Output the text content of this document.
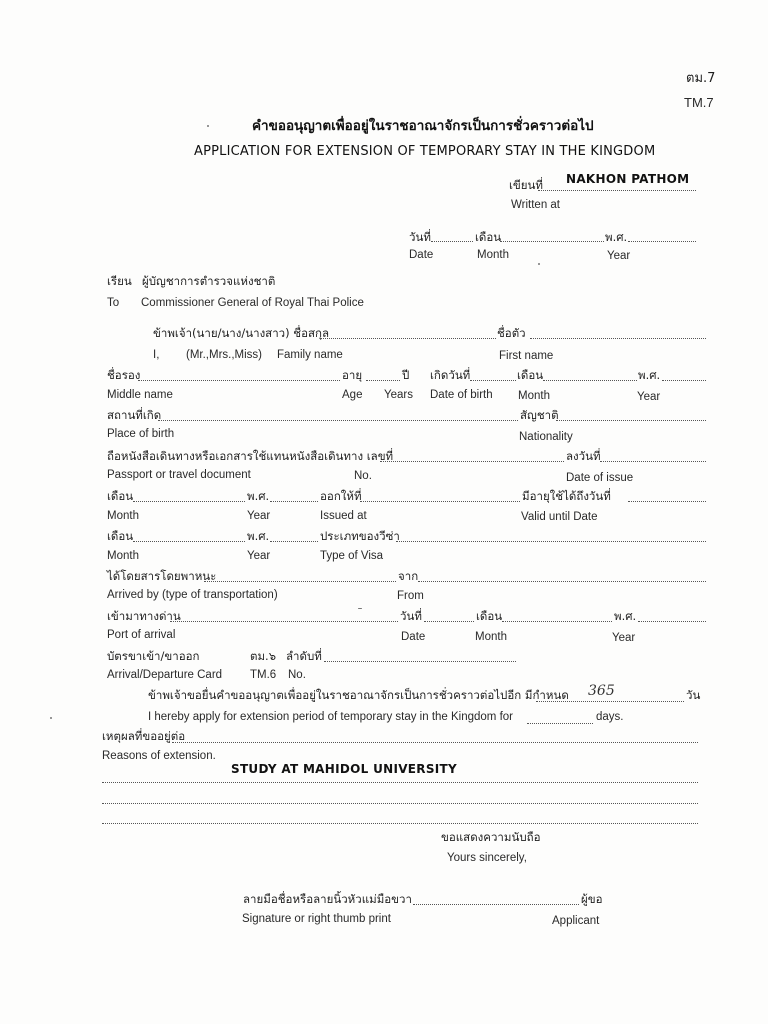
ตม.7
TM.7
คำขออนุญาตเพื่ออยู่ในราชอาณาจักรเป็นการชั่วคราวต่อไป
APPLICATION FOR EXTENSION OF TEMPORARY STAY IN THE KINGDOM
เขียนที่ NAKHON PATHOM
Written at
วันที่	เดือน	พ.ศ.
Date	Month	Year
เรียน ผู้บัญชาการตำรวจแห่งชาติ
To Commissioner General of Royal Thai Police
ข้าพเจ้า(นาย/นาง/นางสาว) ชื่อสกุล	ชื่อตัว
I, (Mr.,Mrs.,Miss) Family name	First name
ชื่อรอง	อายุ	ปี เกิดวันที่	เดือน	พ.ศ.
Middle name	Age Years Date of birth Month	Year
สถานที่เกิด	สัญชาติ
Place of birth	Nationality
ถือหนังสือเดินทางหรือเอกสารใช้แทนหนังสือเดินทาง เลขที่	ลงวันที่
Passport or travel document	No.	Date of issue
เดือน	พ.ศ.	ออกให้ที่	มีอายุใช้ได้ถึงวันที่
Month	Year	Issued at	Valid until Date
เดือน	พ.ศ.	ประเภทของวีซ่า
Month	Year	Type of Visa
ได้โดยสารโดยพาหนะ	จาก
Arrived by (type of transportation)	From
เข้ามาทางด่าน	วันที่	เดือน	พ.ศ.
Port of arrival	Date	Month	Year
บัตรขาเข้า/ขาออก	ตม.๖ ลำดับที่
Arrival/Departure Card TM.6 No.
ข้าพเจ้าขอยื่นคำขออนุญาตเพื่ออยู่ในราชอาณาจักรเป็นการชั่วคราวต่อไปอีก มีกำหนด 365	วัน
I hereby apply for extension period of temporary stay in the Kingdom for	days.
เหตุผลที่ขออยู่ต่อ
Reasons of extension.
STUDY AT MAHIDOL UNIVERSITY
ขอแสดงความนับถือ
Yours sincerely,
ลายมือชื่อหรือลายนิ้วหัวแม่มือขวา	ผู้ขอ
Signature or right thumb print	Applicant
